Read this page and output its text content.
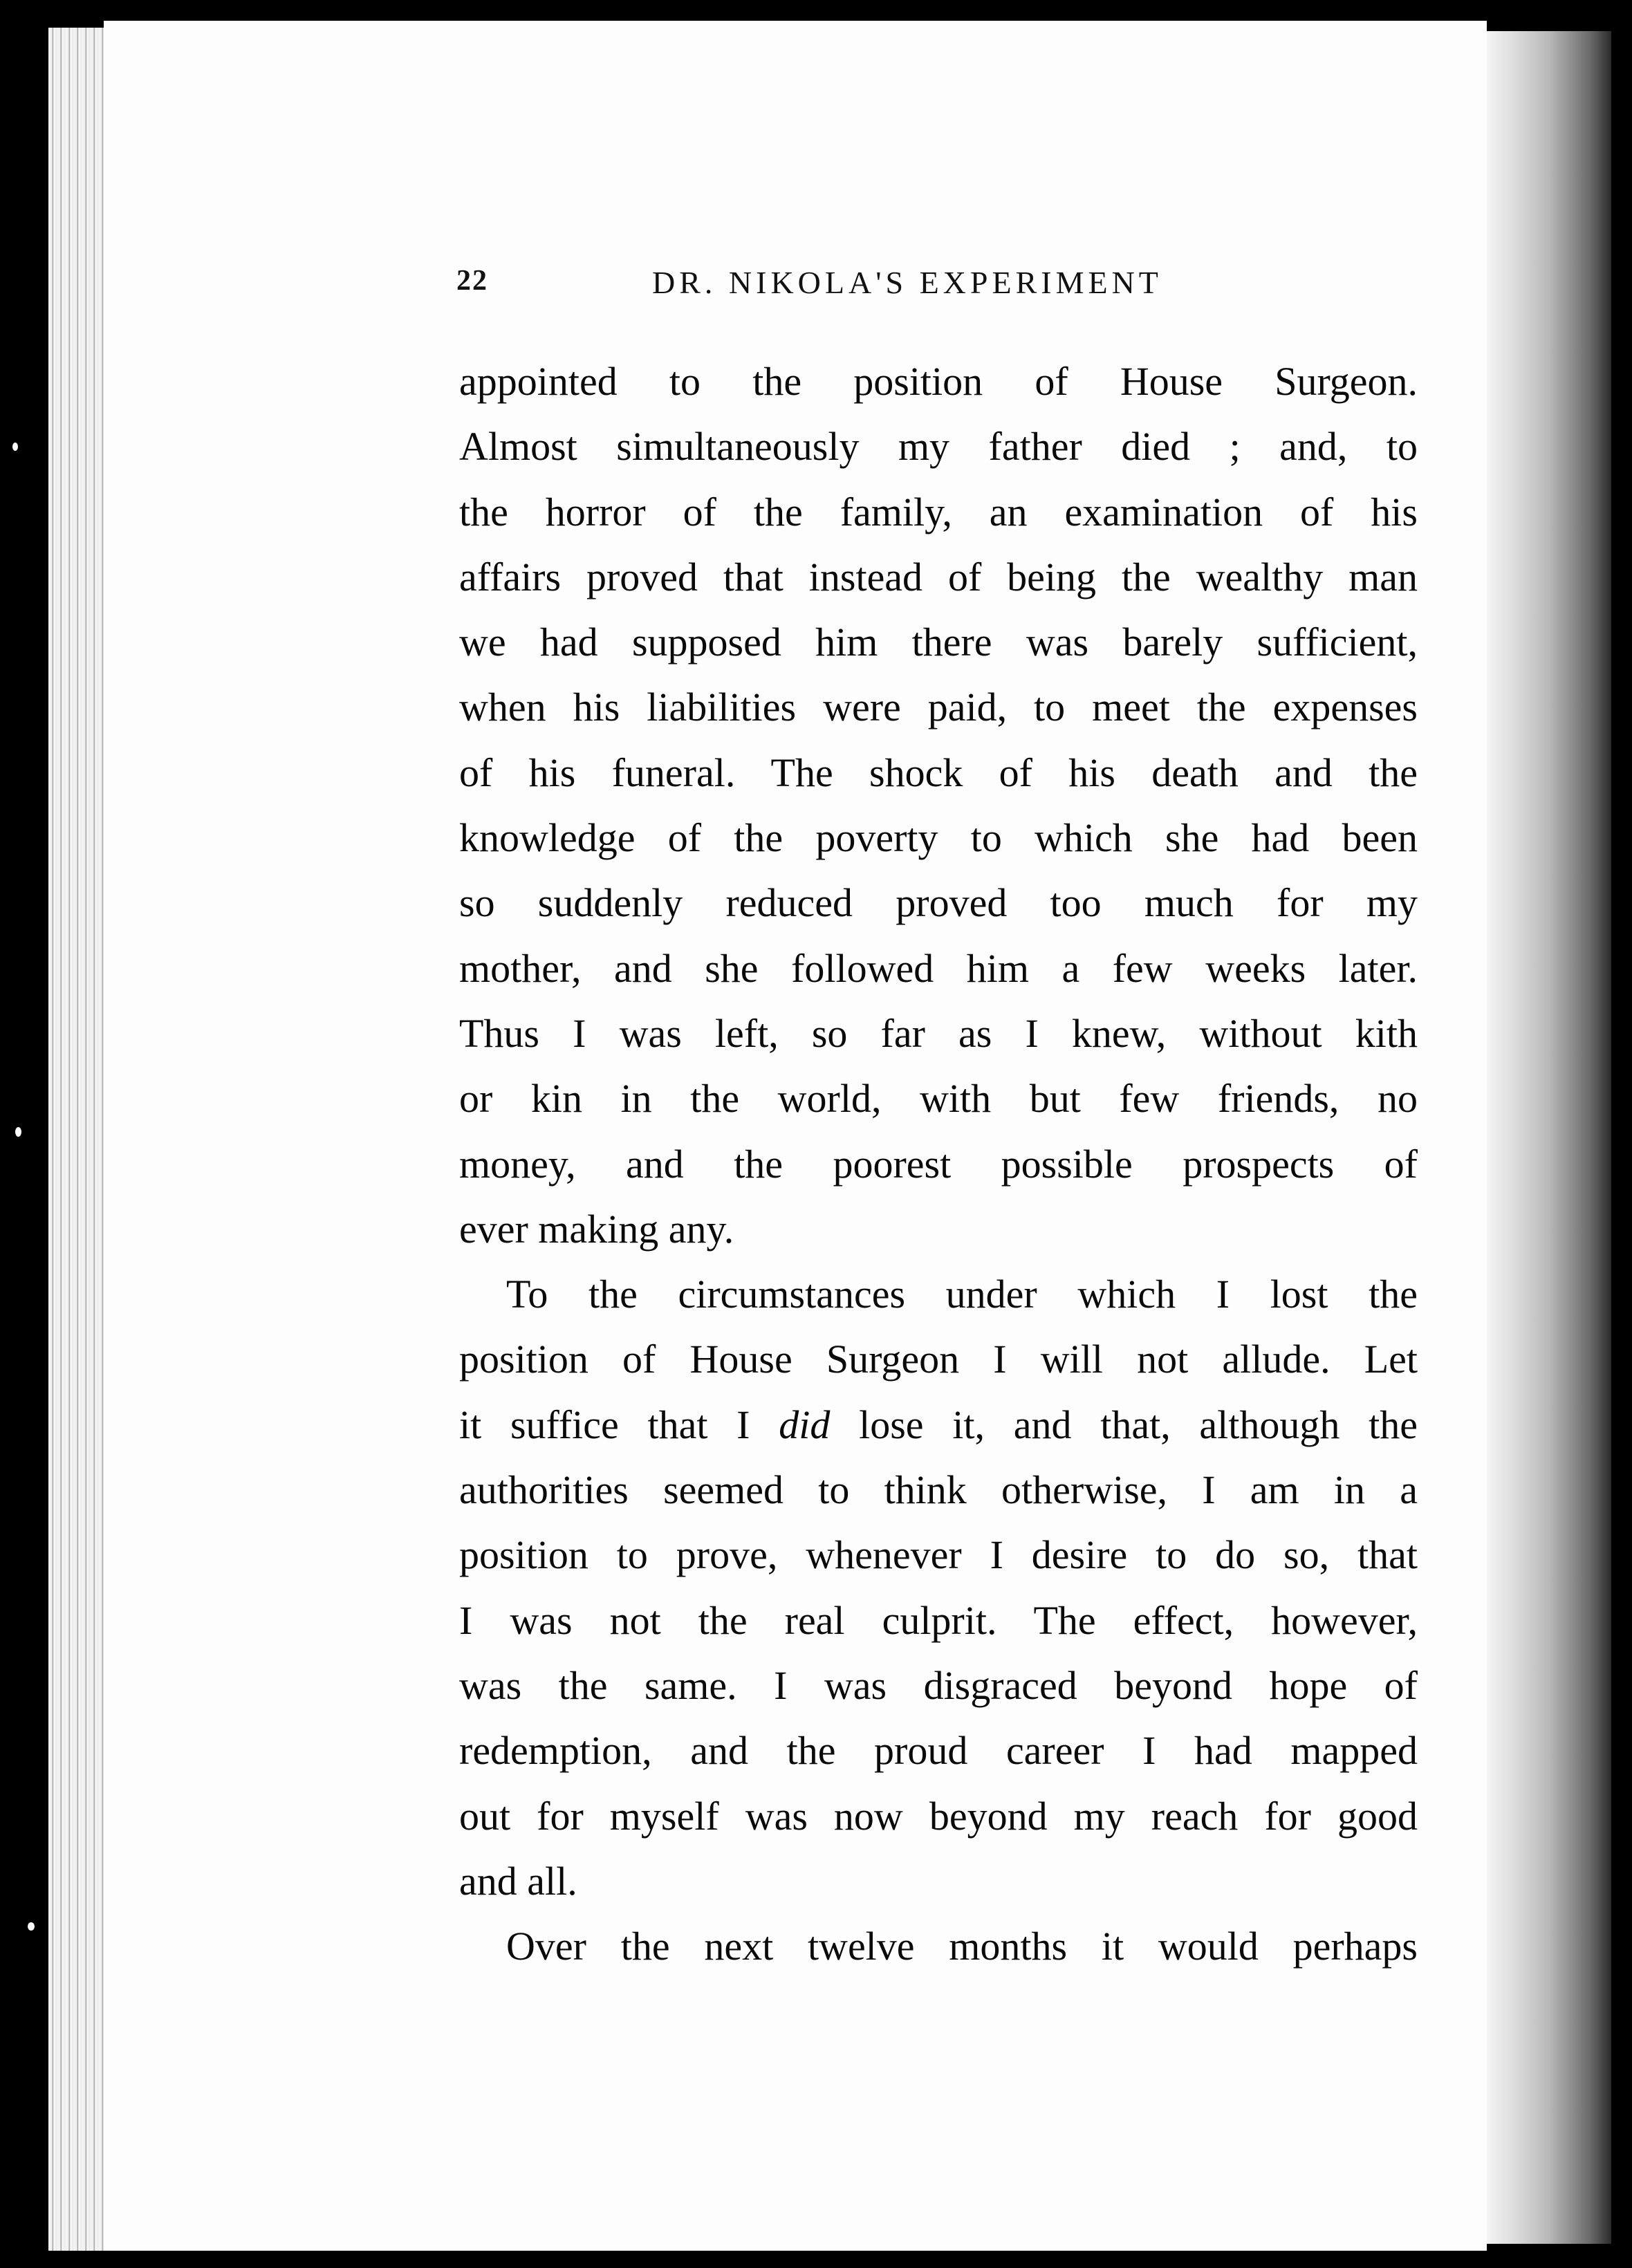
22	DR. NIKOLA'S EXPERIMENT
appointed to the position of House Surgeon.
Almost simultaneously my father died ; and, to
the horror of the family, an examination of his
affairs proved that instead of being the wealthy man
we had supposed him there was barely sufficient,
when his liabilities were paid, to meet the expenses
of his funeral. The shock of his death and the
knowledge of the poverty to which she had been
so suddenly reduced proved too much for my
mother, and she followed him a few weeks later.
Thus I was left, so far as I knew, without kith
or kin in the world, with but few friends, no
money, and the poorest possible prospects of
ever making any.
To the circumstances under which I lost the
position of House Surgeon I will not allude. Let
it suffice that I did lose it, and that, although the
authorities seemed to think otherwise, I am in a
position to prove, whenever I desire to do so, that
I was not the real culprit. The effect, however,
was the same. I was disgraced beyond hope of
redemption, and the proud career I had mapped
out for myself was now beyond my reach for good
and all.
Over the next twelve months it would perhaps
